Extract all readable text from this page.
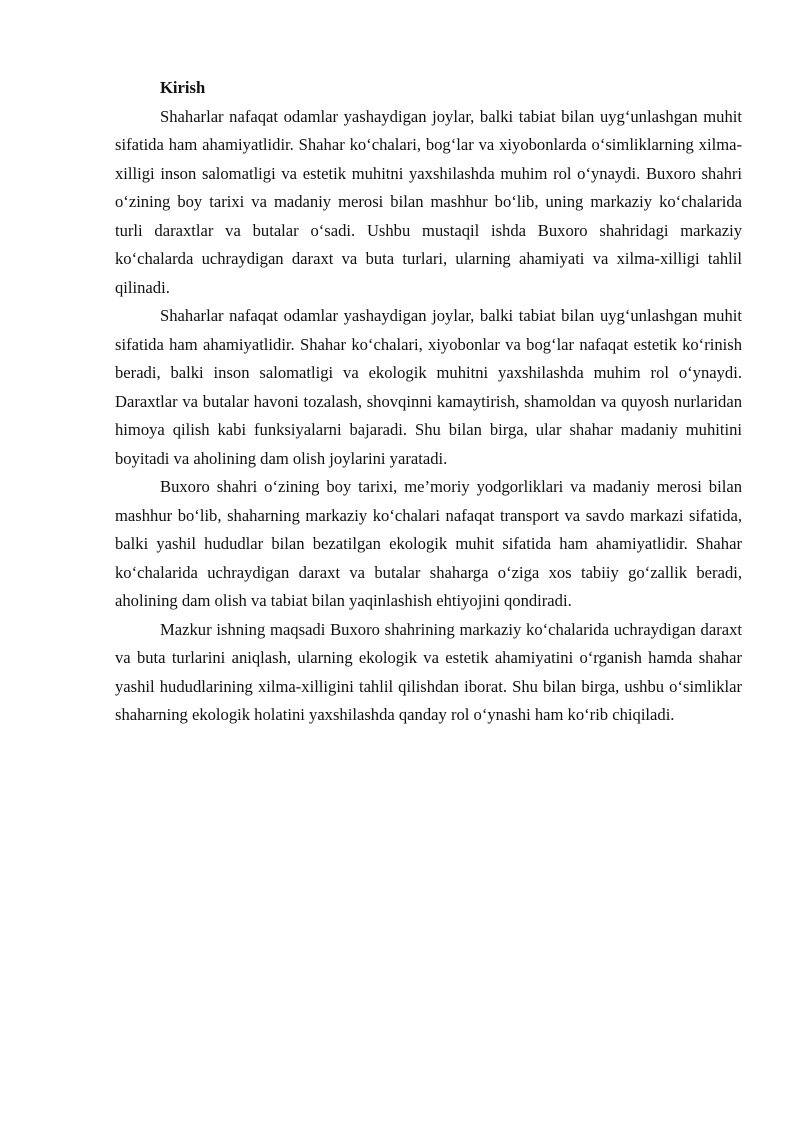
Kirish

Shaharlar nafaqat odamlar yashaydigan joylar, balki tabiat bilan uyg‘unlashgan muhit sifatida ham ahamiyatlidir. Shahar ko‘chalari, bog‘lar va xiyobonlarda o‘simliklarning xilma-xilligi inson salomatligi va estetik muhitni yaxshilashda muhim rol o‘ynaydi. Buxoro shahri o‘zining boy tarixi va madaniy merosi bilan mashhur bo‘lib, uning markaziy ko‘chalarida turli daraxtlar va butalar o‘sadi. Ushbu mustaqil ishda Buxoro shahridagi markaziy ko‘chalarda uchraydigan daraxt va buta turlari, ularning ahamiyati va xilma-xilligi tahlil qilinadi.

Shaharlar nafaqat odamlar yashaydigan joylar, balki tabiat bilan uyg‘unlashgan muhit sifatida ham ahamiyatlidir. Shahar ko‘chalari, xiyobonlar va bog‘lar nafaqat estetik ko‘rinish beradi, balki inson salomatligi va ekologik muhitni yaxshilashda muhim rol o‘ynaydi. Daraxtlar va butalar havoni tozalash, shovqinni kamaytirish, shamoldan va quyosh nurlaridan himoya qilish kabi funksiyalarni bajaradi. Shu bilan birga, ular shahar madaniy muhitini boyitadi va aholining dam olish joylarini yaratadi.

Buxoro shahri o‘zining boy tarixi, me’moriy yodgorliklari va madaniy merosi bilan mashhur bo‘lib, shaharning markaziy ko‘chalari nafaqat transport va savdo markazi sifatida, balki yashil hududlar bilan bezatilgan ekologik muhit sifatida ham ahamiyatlidir. Shahar ko‘chalarida uchraydigan daraxt va butalar shaharga o‘ziga xos tabiiy go‘zallik beradi, aholining dam olish va tabiat bilan yaqinlashish ehtiyojini qondiradi.

Mazkur ishning maqsadi Buxoro shahrining markaziy ko‘chalarida uchraydigan daraxt va buta turlarini aniqlash, ularning ekologik va estetik ahamiyatini o‘rganish hamda shahar yashil hududlarining xilma-xilligini tahlil qilishdan iborat. Shu bilan birga, ushbu o‘simliklar shaharning ekologik holatini yaxshilashda qanday rol o‘ynashi ham ko‘rib chiqiladi.
